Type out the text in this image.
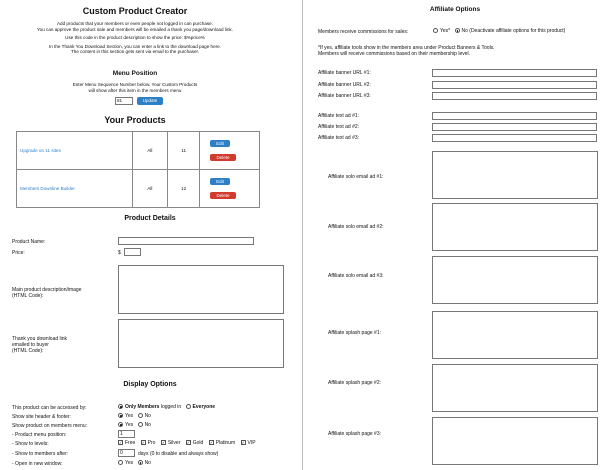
Custom Product Creator
Add products that your members or even people not logged in can purchase.
You can approve the product sale and members will be emailed a thank you page/download link.
Use this code in the product description to show the price: $%price%
In the Thank You Download Section, you can enter a link to the download page here.
The content in this section gets sent via email to the purchaser.
Menu Position
Enter Menu Sequence Number below. Your Custom Products
will show after this item in the members menu
81	Update
Your Products
Upgrade on 11 sites	All	11	Edit
Delete

Members Downline Builder	All	12	Edit
Delete
Product Details
Product Name:
Price:	$
Main product description/image
(HTML Code):
Thank you download link
emailed to buyer
(HTML Code):
Display Options
This product can be accessed by:	Only Members logged in Everyone
Show site header & footer:	Yes No
Show product on members menu:	Yes No
- Product menu position:	1
- Show to levels:	✓ Free ✓ Pro ✓ Silver ✓ Gold ✓ Platinum ✓ VIP
- Show to members after:	0	days (0 to disable and always show)
- Open in new window:	Yes No
Affiliate Options
Members receive commissions for sales:	Yes* No (Deactivate affiliate options for this product)
*If yes, affiliate tools show in the members area under Product Banners & Tools.
Members will receive commissions based on their membership level.
Affiliate banner URL #1:
Affiliate banner URL #2:
Affiliate banner URL #3:
Affiliate text ad #1:
Affiliate text ad #2:
Affiliate text ad #3:
Affiliate solo email ad #1:
Affiliate solo email ad #2:
Affiliate solo email ad #3:
Affiliate splash page #1:
Affiliate splash page #2:
Affiliate splash page #3:
